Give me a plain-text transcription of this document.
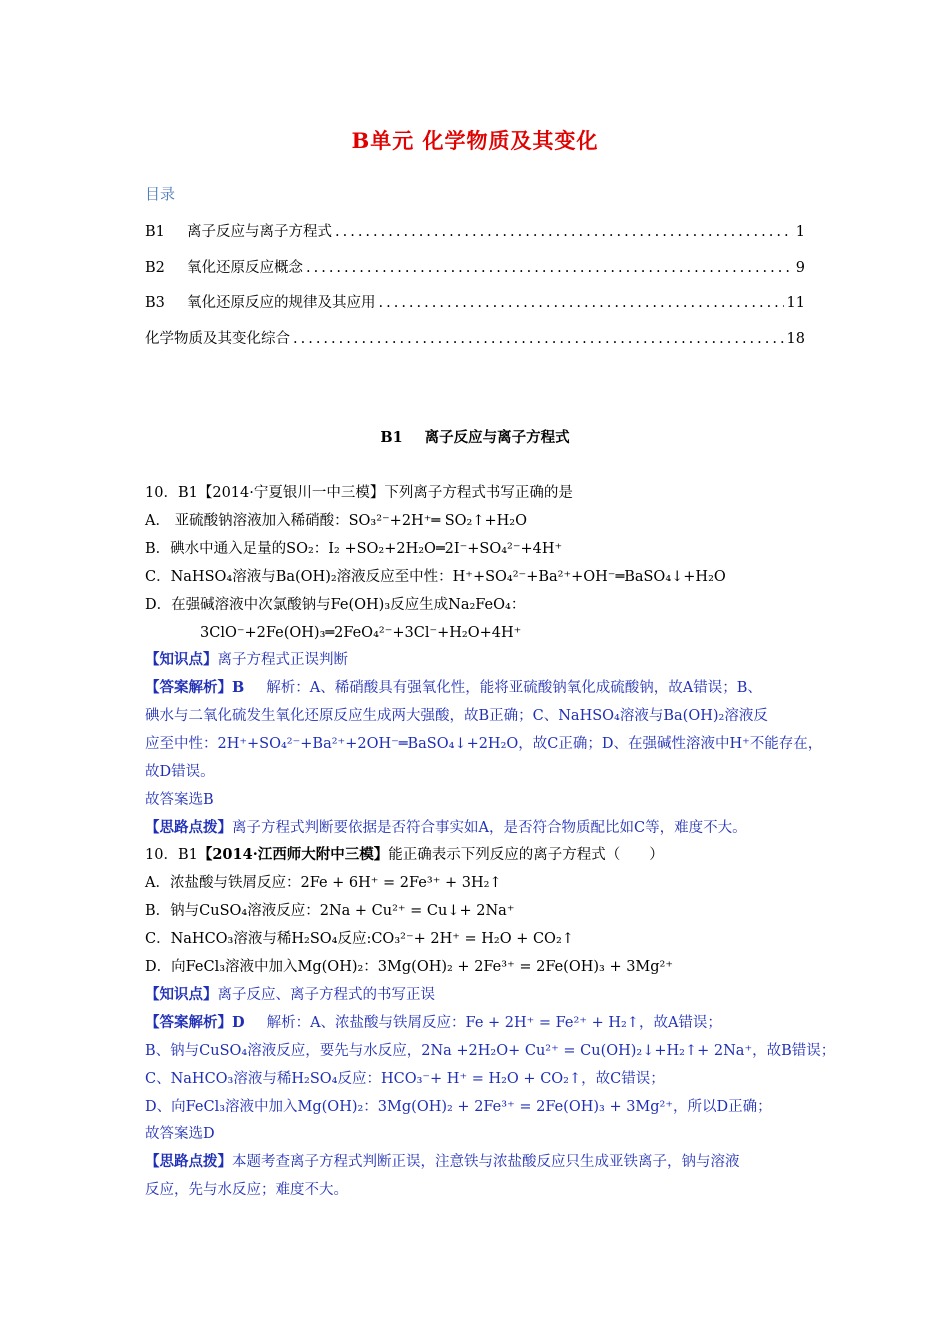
B单元 化学物质及其变化
目录
B1	离子反应与离子方程式 .....	1
B2	氧化还原反应概念 .....	9
B3	氧化还原反应的规律及其应用 .....	11
化学物质及其变化综合 .....	18
B1 离子反应与离子方程式
10．B1【2014·宁夏银川一中三模】下列离子方程式书写正确的是
A． 亚硫酸钠溶液加入稀硝酸：SO₃²⁻+2H⁺═ SO₂↑+H₂O
B．碘水中通入足量的SO₂：I₂ +SO₂+2H₂O═2I⁻+SO₄²⁻+4H⁺
C．NaHSO₄溶液与Ba(OH)₂溶液反应至中性：H⁺+SO₄²⁻+Ba²⁺+OH⁻═BaSO₄↓+H₂O
D．在强碱溶液中次氯酸钠与Fe(OH)₃反应生成Na₂FeO₄：
3ClO⁻+2Fe(OH)₃═2FeO₄²⁻+3Cl⁻+H₂O+4H⁺
【知识点】离子方程式正误判断
【答案解析】B 解析：A、稀硝酸具有强氧化性，能将亚硫酸钠氧化成硫酸钠，故A错误；B、
碘水与二氧化硫发生氧化还原反应生成两大强酸，故B正确；C、NaHSO₄溶液与Ba(OH)₂溶液反
应至中性：2H⁺+SO₄²⁻+Ba²⁺+2OH⁻═BaSO₄↓+2H₂O，故C正确；D、在强碱性溶液中H⁺不能存在，
故D错误。
故答案选B
【思路点拨】离子方程式判断要依据是否符合事实如A，是否符合物质配比如C等，难度不大。
10．B1【2014·江西师大附中三模】能正确表示下列反应的离子方程式（　　）
A．浓盐酸与铁屑反应：2Fe + 6H⁺ = 2Fe³⁺ + 3H₂↑
B．钠与CuSO₄溶液反应：2Na + Cu²⁺ = Cu↓+ 2Na⁺
C．NaHCO₃溶液与稀H₂SO₄反应:CO₃²⁻+ 2H⁺ = H₂O + CO₂↑
D．向FeCl₃溶液中加入Mg(OH)₂：3Mg(OH)₂ + 2Fe³⁺ = 2Fe(OH)₃ + 3Mg²⁺
【知识点】离子反应、离子方程式的书写正误
【答案解析】D 解析：A、浓盐酸与铁屑反应：Fe + 2H⁺ = Fe²⁺ + H₂↑，故A错误；
B、钠与CuSO₄溶液反应，要先与水反应，2Na +2H₂O+ Cu²⁺ = Cu(OH)₂↓+H₂↑+ 2Na⁺，故B错误；
C、NaHCO₃溶液与稀H₂SO₄反应：HCO₃⁻+ H⁺ = H₂O + CO₂↑，故C错误；
D、向FeCl₃溶液中加入Mg(OH)₂：3Mg(OH)₂ + 2Fe³⁺ = 2Fe(OH)₃ + 3Mg²⁺，所以D正确；
故答案选D
【思路点拨】本题考查离子方程式判断正误，注意铁与浓盐酸反应只生成亚铁离子，钠与溶液
反应，先与水反应；难度不大。
